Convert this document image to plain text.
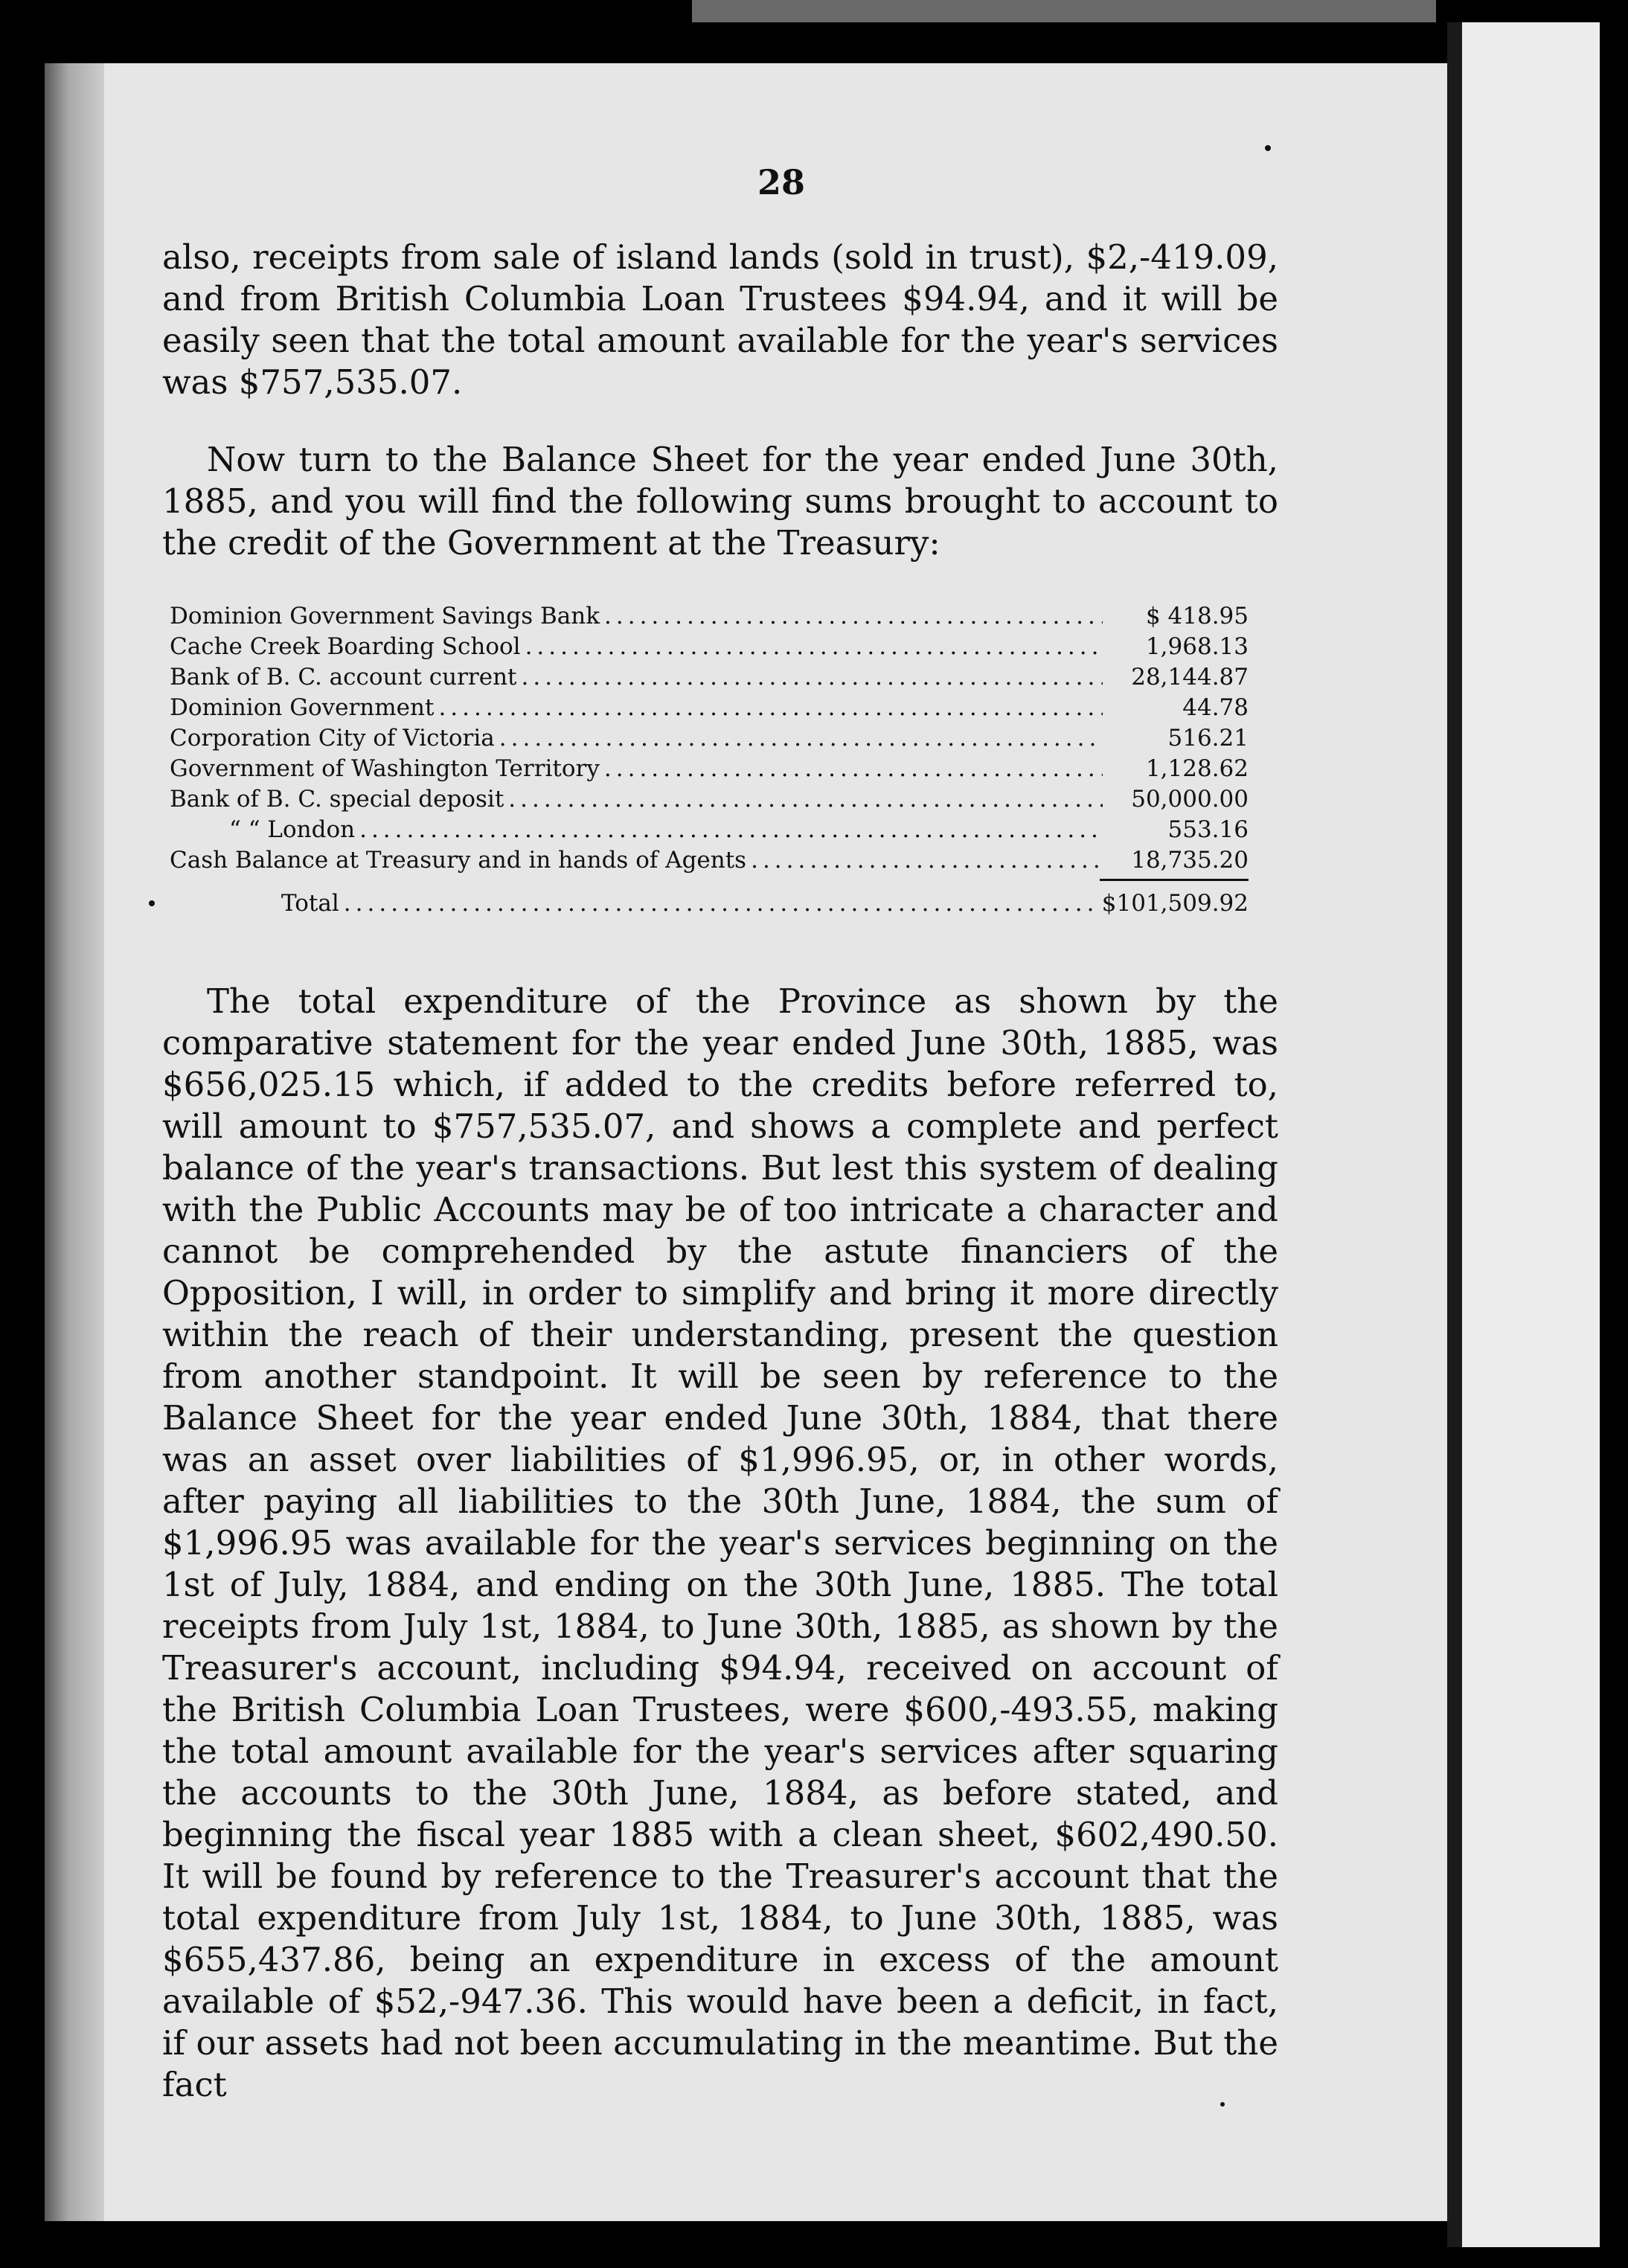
28

also, receipts from sale of island lands (sold in trust), $2,-419.09, and from British Columbia Loan Trustees $94.94, and it will be easily seen that the total amount available for the year's services was $757,535.07.

Now turn to the Balance Sheet for the year ended June 30th, 1885, and you will find the following sums brought to account to the credit of the Government at the Treasury:

Dominion Government Savings Bank .....	$ 418.95
Cache Creek Boarding School .....	1,968.13
Bank of B. C. account current .....	28,144.87
Dominion Government .....	44.78
Corporation City of Victoria .....	516.21
Government of Washington Territory .....	1,128.62
Bank of B. C. special deposit .....	50,000.00
“ “ London .....	553.16
Cash Balance at Treasury and in hands of Agents .....	18,735.20
Total .....	$101,509.92

The total expenditure of the Province as shown by the comparative statement for the year ended June 30th, 1885, was $656,025.15 which, if added to the credits before referred to, will amount to $757,535.07, and shows a complete and perfect balance of the year's transactions. But lest this system of dealing with the Public Accounts may be of too intricate a character and cannot be comprehended by the astute financiers of the Opposition, I will, in order to simplify and bring it more directly within the reach of their understanding, present the question from another standpoint. It will be seen by reference to the Balance Sheet for the year ended June 30th, 1884, that there was an asset over liabilities of $1,996.95, or, in other words, after paying all liabilities to the 30th June, 1884, the sum of $1,996.95 was available for the year's services beginning on the 1st of July, 1884, and ending on the 30th June, 1885. The total receipts from July 1st, 1884, to June 30th, 1885, as shown by the Treasurer's account, including $94.94, received on account of the British Columbia Loan Trustees, were $600,-493.55, making the total amount available for the year's services after squaring the accounts to the 30th June, 1884, as before stated, and beginning the fiscal year 1885 with a clean sheet, $602,490.50. It will be found by reference to the Treasurer's account that the total expenditure from July 1st, 1884, to June 30th, 1885, was $655,437.86, being an expenditure in excess of the amount available of $52,-947.36. This would have been a deficit, in fact, if our assets had not been accumulating in the meantime. But the fact
